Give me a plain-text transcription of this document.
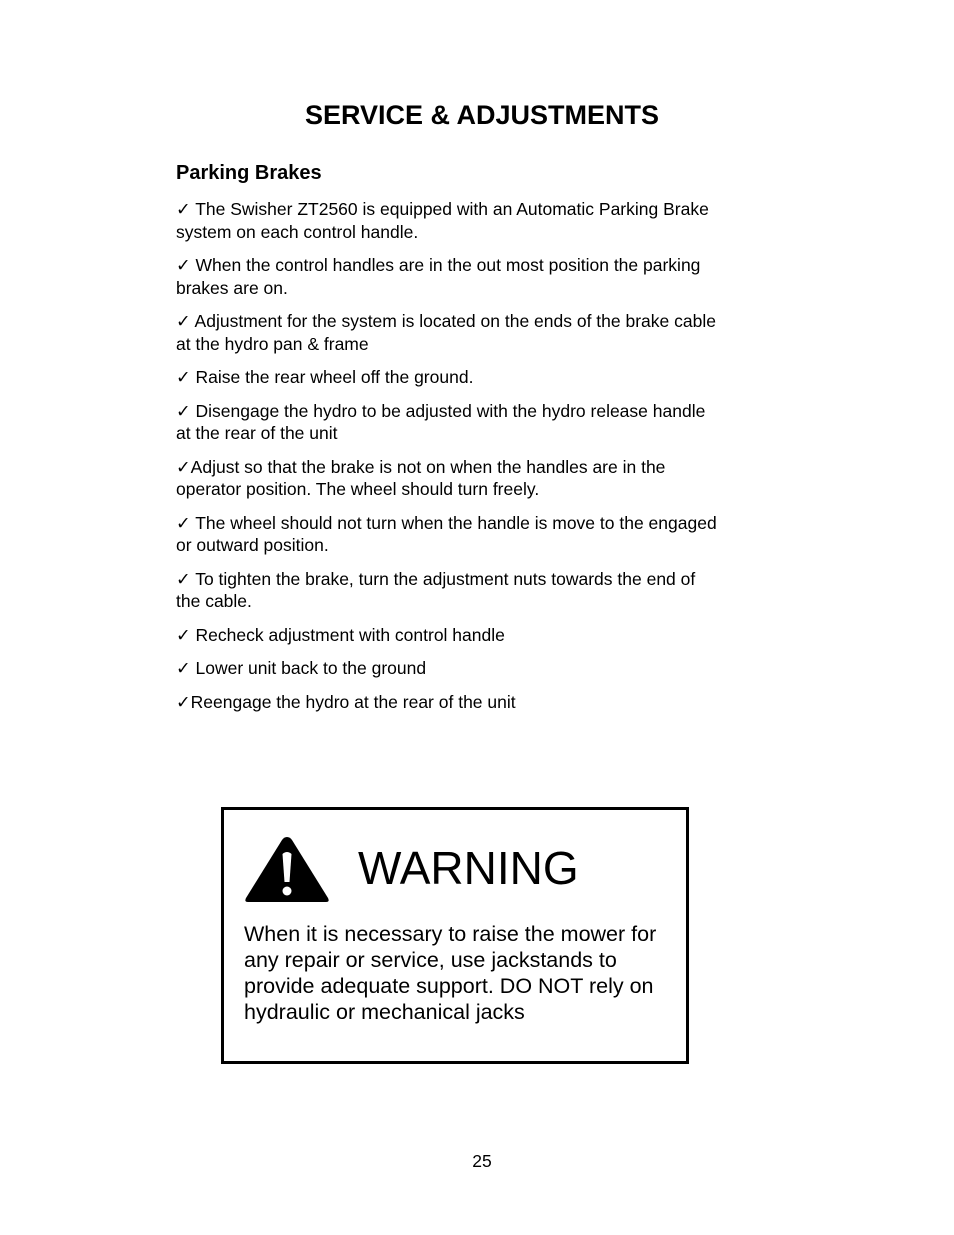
SERVICE & ADJUSTMENTS
Parking Brakes
✓ The Swisher ZT2560 is equipped with an Automatic Parking Brake system on each control handle.
✓ When the control handles are in the out most position the parking brakes are on.
✓ Adjustment for the system is located on the ends of the brake cable at the hydro pan & frame
✓ Raise the rear wheel off the ground.
✓ Disengage the hydro to be adjusted with the hydro release handle at the rear of the unit
✓Adjust so that the brake is not on when the handles are in the operator position. The wheel should turn freely.
✓ The wheel should not turn when the handle is move to the engaged or outward position.
✓ To tighten the brake, turn the adjustment nuts towards the end of the cable.
✓ Recheck adjustment with control handle
✓ Lower unit back to the ground
✓Reengage the hydro at the rear of the unit
WARNING

When it is necessary to raise the mower for any repair or service, use jackstands to provide adequate support. DO NOT rely on hydraulic or mechanical jacks

25
